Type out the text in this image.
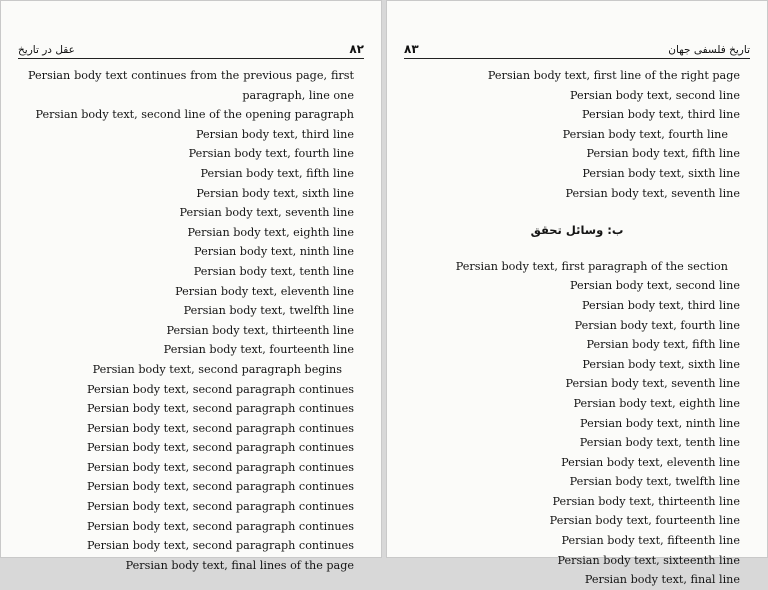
عقل در تاریخ	۸۲

Persian body text continues from the previous page, first paragraph, line one

Persian body text, second line of the opening paragraph

Persian body text, third line

Persian body text, fourth line

Persian body text, fifth line

Persian body text, sixth line

Persian body text, seventh line

Persian body text, eighth line

Persian body text, ninth line

Persian body text, tenth line

Persian body text, eleventh line

Persian body text, twelfth line

Persian body text, thirteenth line

Persian body text, fourteenth line

Persian body text, second paragraph begins

Persian body text, second paragraph continues

Persian body text, second paragraph continues

Persian body text, second paragraph continues

Persian body text, second paragraph continues

Persian body text, second paragraph continues

Persian body text, second paragraph continues

Persian body text, second paragraph continues

Persian body text, second paragraph continues

Persian body text, second paragraph continues

Persian body text, final lines of the page

۸۳	تاریخ فلسفی جهان

Persian body text, first line of the right page

Persian body text, second line

Persian body text, third line

Persian body text, fourth line

Persian body text, fifth line

Persian body text, sixth line

Persian body text, seventh line

ب: وسائل تحقق

Persian body text, first paragraph of the section

Persian body text, second line

Persian body text, third line

Persian body text, fourth line

Persian body text, fifth line

Persian body text, sixth line

Persian body text, seventh line

Persian body text, eighth line

Persian body text, ninth line

Persian body text, tenth line

Persian body text, eleventh line

Persian body text, twelfth line

Persian body text, thirteenth line

Persian body text, fourteenth line

Persian body text, fifteenth line

Persian body text, sixteenth line

Persian body text, final line
